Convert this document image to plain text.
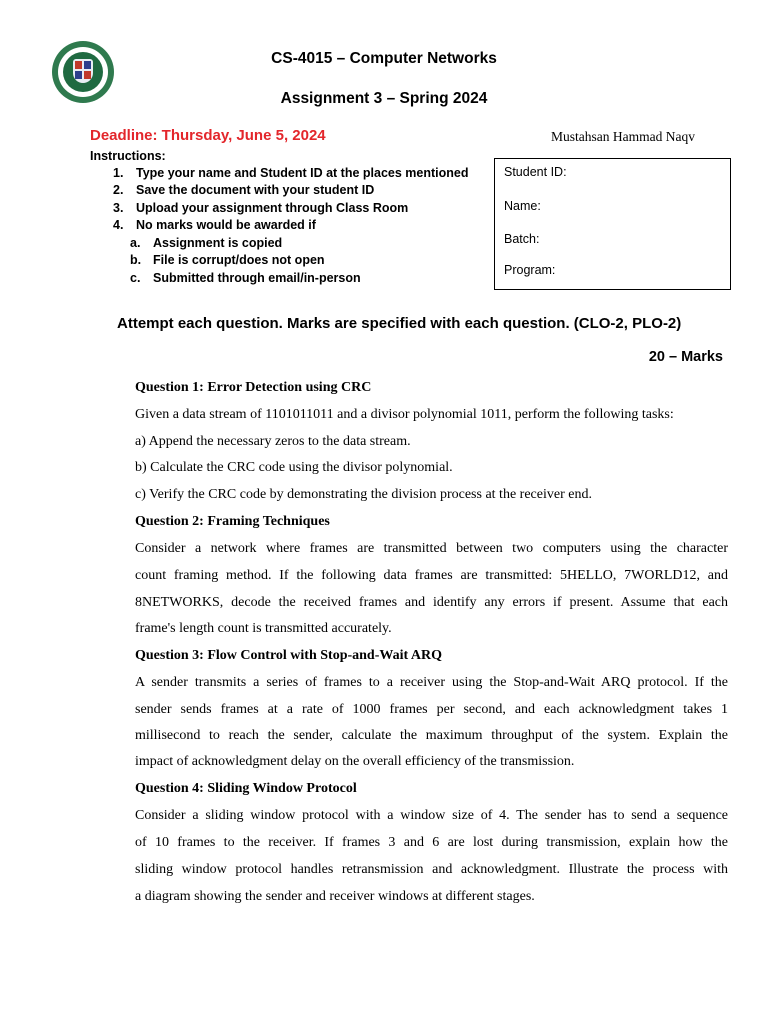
CS-4015 – Computer Networks
Assignment 3 – Spring 2024
Deadline: Thursday, June 5, 2024	Mustahsan Hammad Naqv
Instructions:
1. Type your name and Student ID at the places mentioned
2. Save the document with your student ID
3. Upload your assignment through Class Room
4. No marks would be awarded if
a. Assignment is copied
b. File is corrupt/does not open
c. Submitted through email/in-person
Student ID:
Name:
Batch:
Program:
Attempt each question. Marks are specified with each question. (CLO-2, PLO-2)
20 – Marks
Question 1: Error Detection using CRC
Given a data stream of 1101011011 and a divisor polynomial 1011, perform the following tasks:
a) Append the necessary zeros to the data stream.
b) Calculate the CRC code using the divisor polynomial.
c) Verify the CRC code by demonstrating the division process at the receiver end.
Question 2: Framing Techniques
Consider a network where frames are transmitted between two computers using the character
count framing method. If the following data frames are transmitted: 5HELLO, 7WORLD12, and
8NETWORKS, decode the received frames and identify any errors if present. Assume that each
frame's length count is transmitted accurately.
Question 3: Flow Control with Stop-and-Wait ARQ
A sender transmits a series of frames to a receiver using the Stop-and-Wait ARQ protocol. If the
sender sends frames at a rate of 1000 frames per second, and each acknowledgment takes 1
millisecond to reach the sender, calculate the maximum throughput of the system. Explain the
impact of acknowledgment delay on the overall efficiency of the transmission.
Question 4: Sliding Window Protocol
Consider a sliding window protocol with a window size of 4. The sender has to send a sequence
of 10 frames to the receiver. If frames 3 and 6 are lost during transmission, explain how the
sliding window protocol handles retransmission and acknowledgment. Illustrate the process with
a diagram showing the sender and receiver windows at different stages.
